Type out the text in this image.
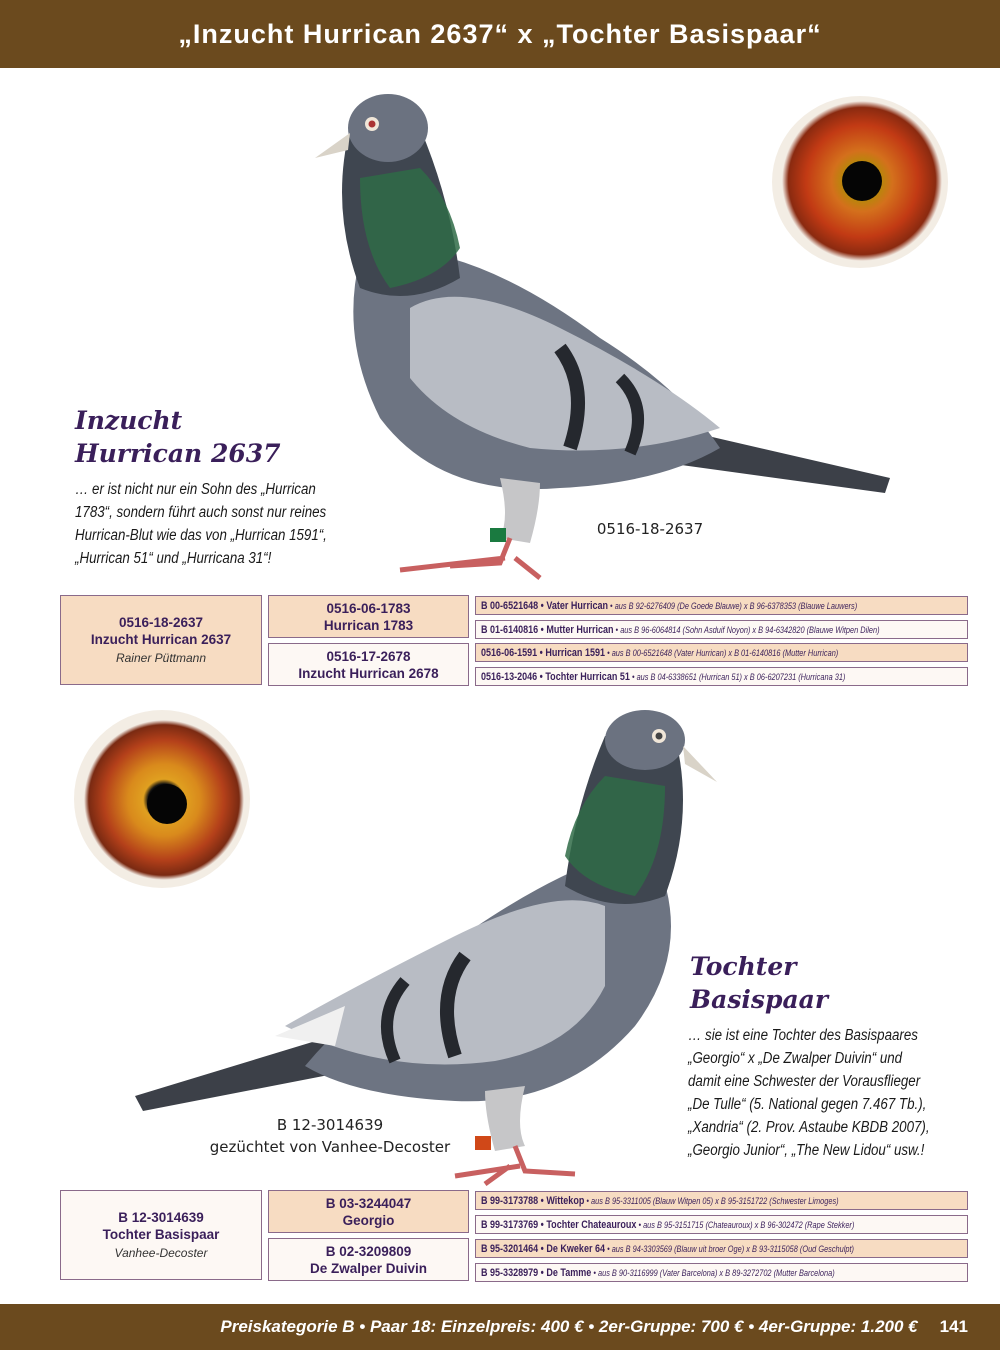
„Inzucht Hurrican 2637“ x „Tochter Basispaar“
Inzucht
Hurrican 2637
… er ist nicht nur ein Sohn des „Hurrican
1783“, sondern führt auch sonst nur reines
Hurrican-Blut wie das von „Hurrican 1591“,
„Hurrican 51“ und „Hurricana 31“!
0516-18-2637
0516-18-2637
Inzucht Hurrican 2637
Rainer Püttmann
0516-06-1783
Hurrican 1783
0516-17-2678
Inzucht Hurrican 2678
B 00-6521648 • Vater Hurrican • aus B 92-6276409 (De Goede Blauwe) x B 96-6378353 (Blauwe Lauwers)
B 01-6140816 • Mutter Hurrican • aus B 96-6064814 (Sohn Asduif Noyon) x B 94-6342820 (Blauwe Witpen Dilen)
0516-06-1591 • Hurrican 1591 • aus B 00-6521648 (Vater Hurrican) x B 01-6140816 (Mutter Hurrican)
0516-13-2046 • Tochter Hurrican 51 • aus B 04-6338651 (Hurrican 51) x B 06-6207231 (Hurricana 31)
Tochter
Basispaar
… sie ist eine Tochter des Basispaares
„Georgio“ x „De Zwalper Duivin“ und
damit eine Schwester der Vorausflieger
„De Tulle“ (5. National gegen 7.467 Tb.),
„Xandria“ (2. Prov. Astaube KBDB 2007),
„Georgio Junior“, „The New Lidou“ usw.!
B 12-3014639
gezüchtet von Vanhee-Decoster
B 12-3014639
Tochter Basispaar
Vanhee-Decoster
B 03-3244047
Georgio
B 02-3209809
De Zwalper Duivin
B 99-3173788 • Wittekop • aus B 95-3311005 (Blauw Witpen 05) x B 95-3151722 (Schwester Limoges)
B 99-3173769 • Tochter Chateauroux • aus B 95-3151715 (Chateauroux) x B 96-302472 (Rape Stekker)
B 95-3201464 • De Kweker 64 • aus B 94-3303569 (Blauw uit broer Oge) x B 93-3115058 (Oud Geschulpt)
B 95-3328979 • De Tamme • aus B 90-3116999 (Vater Barcelona) x B 89-3272702 (Mutter Barcelona)
Preiskategorie B • Paar 18: Einzelpreis: 400 € • 2er-Gruppe: 700 € • 4er-Gruppe: 1.200 € 141
